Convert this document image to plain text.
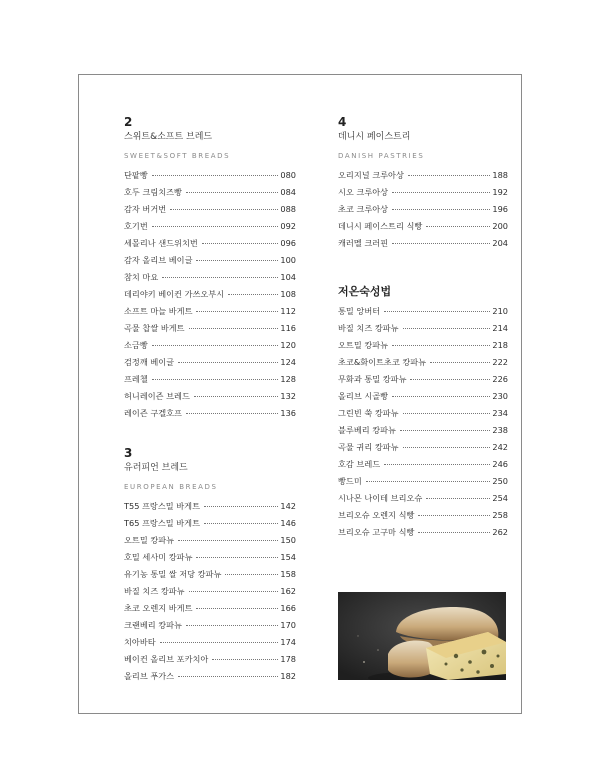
2
스위트&소프트 브레드
SWEET&SOFT BREADS
단팥빵	080
호두 크림치즈빵	084
감자 버거번	088
호기번	092
세몰리나 샌드위치번	096
감자 올리브 베이글	100
참치 마요	104
데리야키 베이컨 가쓰오부시	108
소프트 마늘 바게트	112
곡물 찹쌀 바게트	116
소금빵	120
검정깨 베이글	124
프레첼	128
허니레이즌 브레드	132
레이즌 구겔호프	136
3
유러피언 브레드
EUROPEAN BREADS
T55 프랑스밀 바게트	142
T65 프랑스밀 바게트	146
오트밀 캉파뉴	150
호밀 세사미 캉파뉴	154
유기농 통밀 쌀 저당 캉파뉴	158
바질 치즈 캉파뉴	162
초코 오렌지 바게트	166
크랜베리 캉파뉴	170
치아바타	174
베이컨 올리브 포카치아	178
올리브 푸가스	182
4
데니시 페이스트리
DANISH PASTRIES
오리지널 크루아상	188
시오 크루아상	192
초코 크루아상	196
데니시 페이스트리 식빵	200
캐러멜 크러핀	204
저온숙성법
통밀 앙버터	210
바질 치즈 캉파뉴	214
오트밀 캉파뉴	218
초코&화이트초코 캉파뉴	222
무화과 통밀 캉파뉴	226
올리브 시골빵	230
그린빈 쑥 캉파뉴	234
블루베리 캉파뉴	238
곡물 귀리 캉파뉴	242
호감 브레드	246
빵드미	250
시나몬 나이테 브리오슈	254
브리오슈 오렌지 식빵	258
브리오슈 고구마 식빵	262
